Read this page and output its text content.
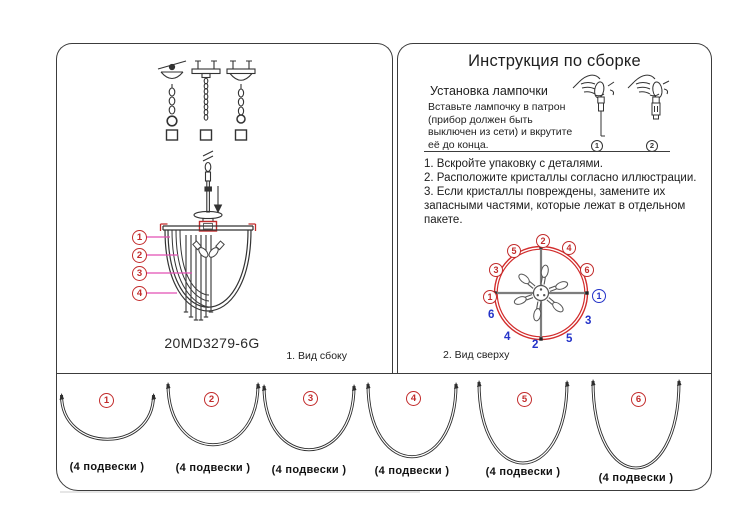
1
2
3
4
20MD3279-6G
1. Вид сбоку
Инструкция по сборке
Установка лампочки
Вставьте лампочку в патрон
(прибор должен быть
выключен из сети) и вкрутите
её до конца.	1	2
1. Вскройте упаковку с деталями.
2. Расположите кристаллы согласно иллюстрации.
3. Если кристаллы повреждены, замените их
запасными частями, которые лежат в отдельном
пакете.
1
3
5
2
4
6
1
6
4
2 5
3
2. Вид сверху
1	2	3	4	5	6
(4 подвески )	(4 подвески )	(4 подвески )	(4 подвески )	(4 подвески )	(4 подвески )
